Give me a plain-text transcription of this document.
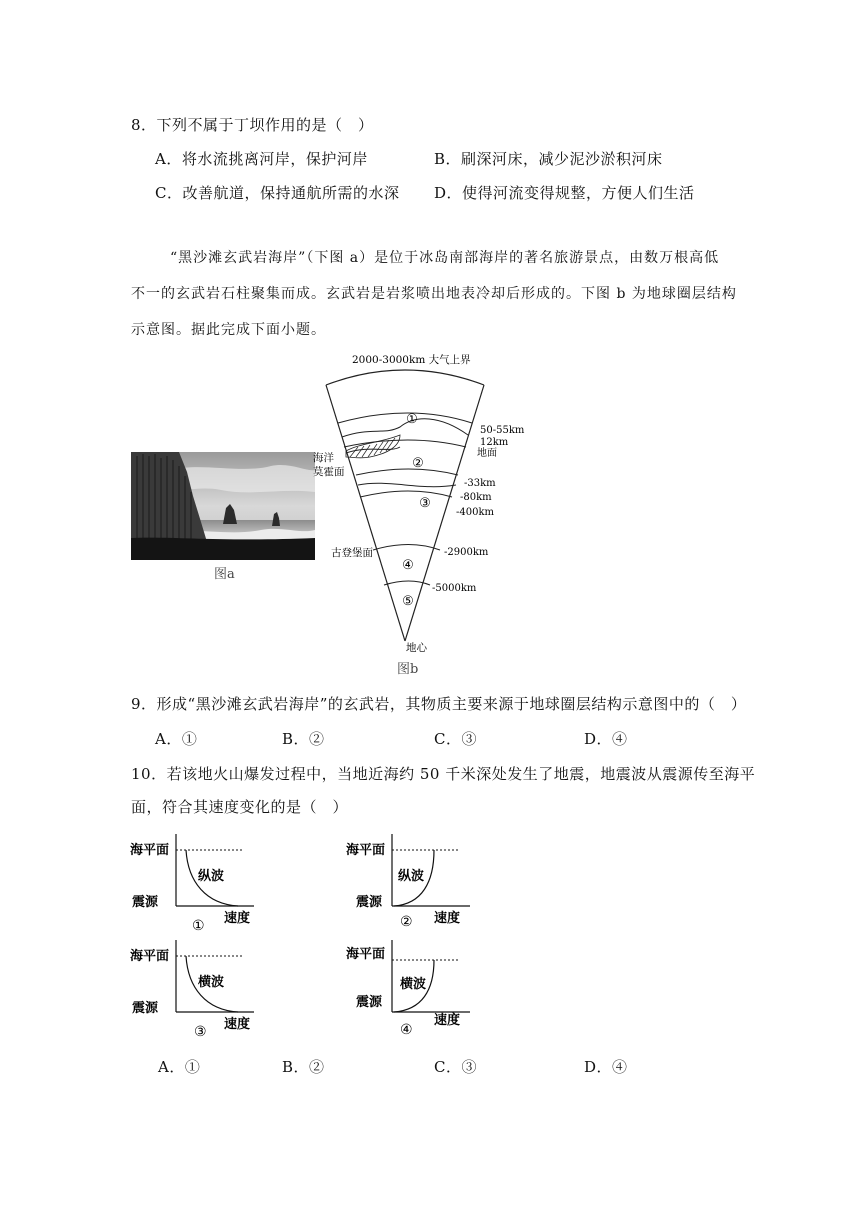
8．下列不属于丁坝作用的是（　）
A．将水流挑离河岸，保护河岸	B．刷深河床，减少泥沙淤积河床
C．改善航道，保持通航所需的水深 D．使得河流变得规整，方便人们生活
“黑沙滩玄武岩海岸”（下图 a）是位于冰岛南部海岸的著名旅游景点，由数万根高低
不一的玄武岩石柱聚集而成。玄武岩是岩浆喷出地表冷却后形成的。下图 b 为地球圈层结构
示意图。据此完成下面小题。
图a
①
②
③
④
⑤
2000-3000km 大气上界
50-55km
12km
地面
-33km
-80km
-400km
-2900km
-5000km
海洋
莫霍面
古登堡面
地心
图b
9．形成“黑沙滩玄武岩海岸”的玄武岩，其物质主要来源于地球圈层结构示意图中的（　）
A．①	B．②	C．③	D．④
10．若该地火山爆发过程中，当地近海约 50 千米深处发生了地震，地震波从震源传至海平
面，符合其速度变化的是（　）
海平面
震源
纵波
速度
①
海平面
震源
纵波
速度
②
海平面
震源
横波
速度
③
海平面
震源
横波
速度
④
A．①	B．②	C．③	D．④
